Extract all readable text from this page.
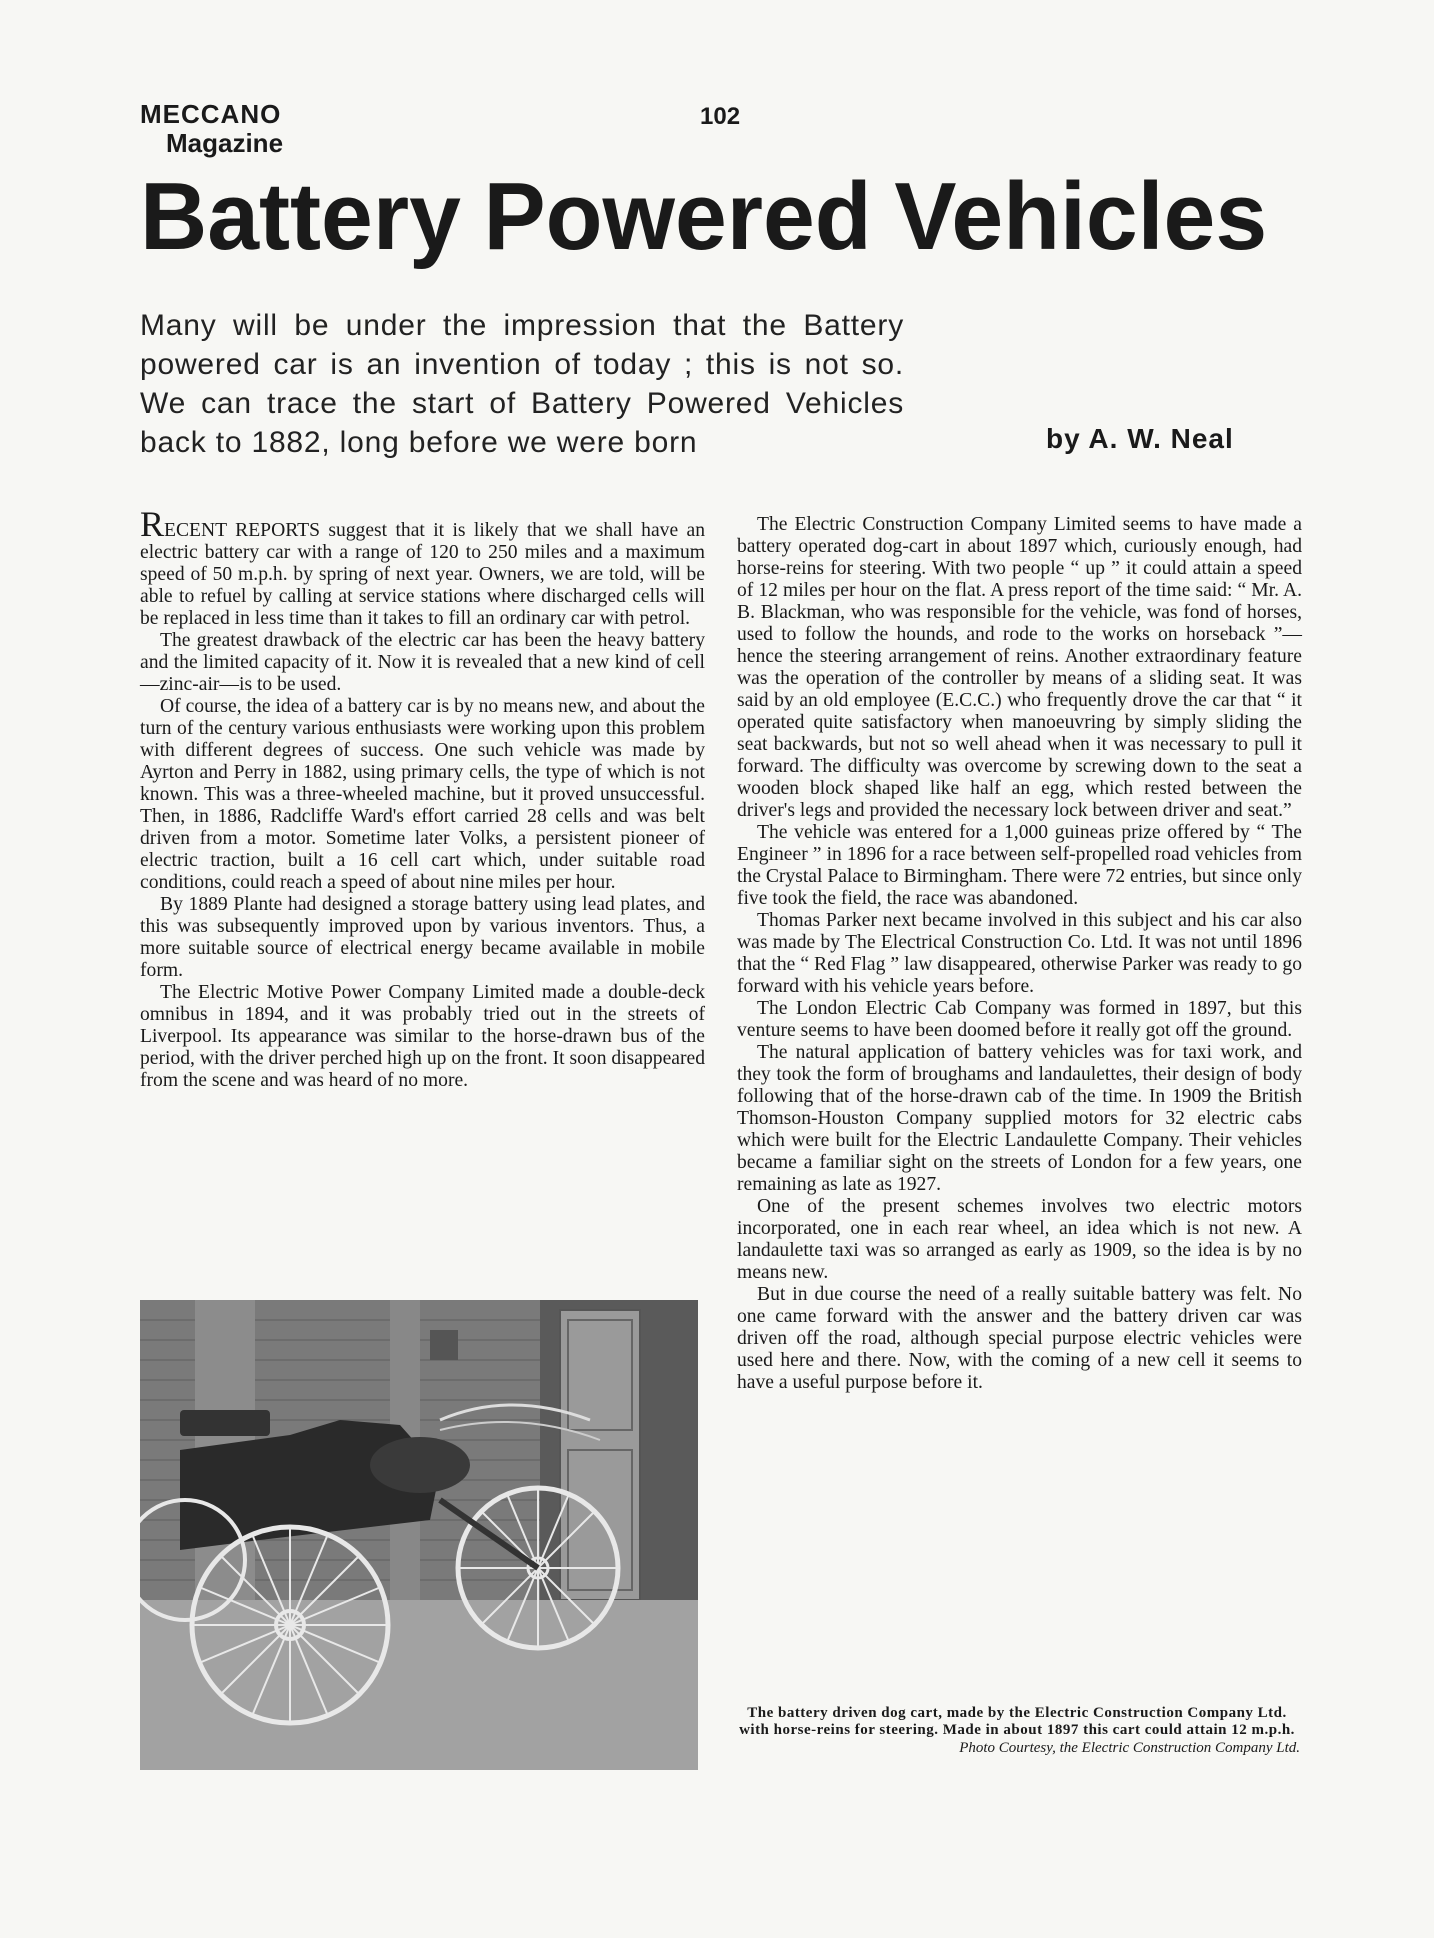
MECCANO
Magazine
102
Battery Powered Vehicles
Many will be under the impression that the Battery powered car is an invention of today ; this is not so. We can trace the start of Battery Powered Vehicles back to 1882, long before we were born	by A. W. Neal

RECENT REPORTS suggest that it is likely that we shall have an electric battery car with a range of 120 to 250 miles and a maximum speed of 50 m.p.h. by spring of next year. Owners, we are told, will be able to refuel by calling at service stations where discharged cells will be replaced in less time than it takes to fill an ordinary car with petrol.

The greatest drawback of the electric car has been the heavy battery and the limited capacity of it. Now it is revealed that a new kind of cell—zinc-air—is to be used.

Of course, the idea of a battery car is by no means new, and about the turn of the century various enthusiasts were working upon this problem with different degrees of success. One such vehicle was made by Ayrton and Perry in 1882, using primary cells, the type of which is not known. This was a three-wheeled machine, but it proved unsuccessful. Then, in 1886, Radcliffe Ward's effort carried 28 cells and was belt driven from a motor. Sometime later Volks, a persistent pioneer of electric traction, built a 16 cell cart which, under suitable road conditions, could reach a speed of about nine miles per hour.

By 1889 Plante had designed a storage battery using lead plates, and this was subsequently improved upon by various inventors. Thus, a more suitable source of electrical energy became available in mobile form.

The Electric Motive Power Company Limited made a double-deck omnibus in 1894, and it was probably tried out in the streets of Liverpool. Its appearance was similar to the horse-drawn bus of the period, with the driver perched high up on the front. It soon disappeared from the scene and was heard of no more.

The Electric Construction Company Limited seems to have made a battery operated dog-cart in about 1897 which, curiously enough, had horse-reins for steering. With two people “ up ” it could attain a speed of 12 miles per hour on the flat. A press report of the time said: “ Mr. A. B. Blackman, who was responsible for the vehicle, was fond of horses, used to follow the hounds, and rode to the works on horseback ”—hence the steering arrangement of reins. Another extraordinary feature was the operation of the controller by means of a sliding seat. It was said by an old employee (E.C.C.) who frequently drove the car that “ it operated quite satisfactory when manoeuvring by simply sliding the seat backwards, but not so well ahead when it was necessary to pull it forward. The difficulty was overcome by screwing down to the seat a wooden block shaped like half an egg, which rested between the driver's legs and provided the necessary lock between driver and seat.”

The vehicle was entered for a 1,000 guineas prize offered by “ The Engineer ” in 1896 for a race between self-propelled road vehicles from the Crystal Palace to Birmingham. There were 72 entries, but since only five took the field, the race was abandoned.

Thomas Parker next became involved in this subject and his car also was made by The Electrical Construction Co. Ltd. It was not until 1896 that the “ Red Flag ” law disappeared, otherwise Parker was ready to go forward with his vehicle years before.

The London Electric Cab Company was formed in 1897, but this venture seems to have been doomed before it really got off the ground.

The natural application of battery vehicles was for taxi work, and they took the form of broughams and landaulettes, their design of body following that of the horse-drawn cab of the time. In 1909 the British Thomson-Houston Company supplied motors for 32 electric cabs which were built for the Electric Landaulette Company. Their vehicles became a familiar sight on the streets of London for a few years, one remaining as late as 1927.

One of the present schemes involves two electric motors incorporated, one in each rear wheel, an idea which is not new. A landaulette taxi was so arranged as early as 1909, so the idea is by no means new.

But in due course the need of a really suitable battery was felt. No one came forward with the answer and the battery driven car was driven off the road, although special purpose electric vehicles were used here and there. Now, with the coming of a new cell it seems to have a useful purpose before it.

The battery driven dog cart, made by the Electric Construction Company Ltd. with horse-reins for steering. Made in about 1897 this cart could attain 12 m.p.h.
Photo Courtesy, the Electric Construction Company Ltd.
